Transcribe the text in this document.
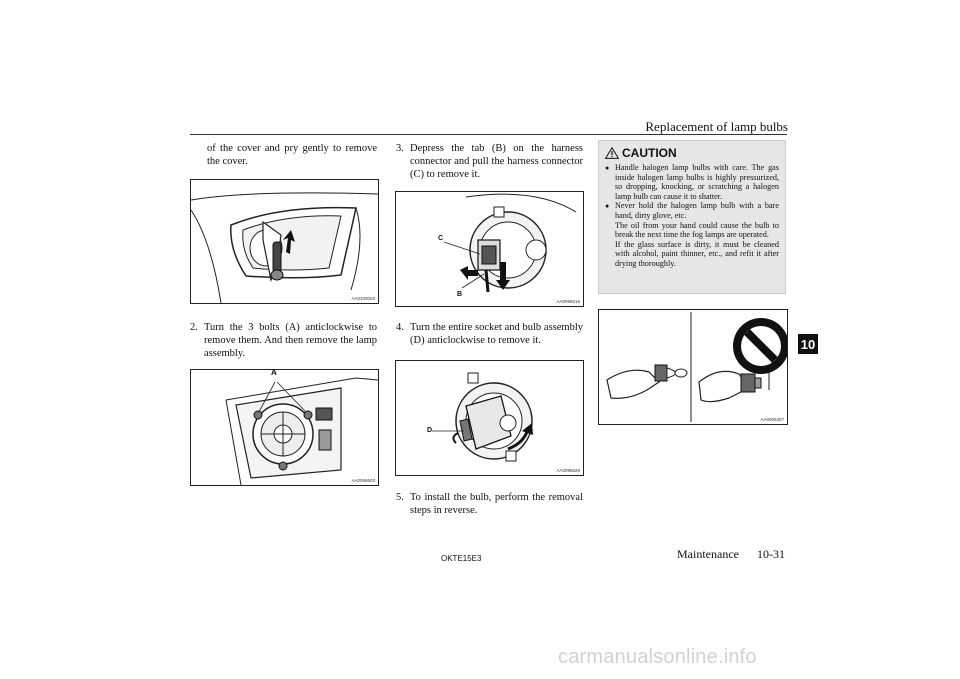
Replacement of lamp bulbs
of the cover and pry gently to remove the cover.
AA0100003
2. Turn the 3 bolts (A) anticlockwise to remove them. And then remove the lamp assembly.
A
AA0096603
3. Depress the tab (B) on the harness connector and pull the harness connector (C) to remove it.
C
B
AA0096616
4. Turn the entire socket and bulb assembly (D) anticlockwise to remove it.
D
AA0096629
5. To install the bulb, perform the removal steps in reverse.
CAUTION
● Handle halogen lamp bulbs with care. The gas inside halogen lamp bulbs is highly pressurized, so dropping, knocking, or scratching a halogen lamp bulb can cause it to shatter.
● Never hold the halogen lamp bulb with a bare hand, dirty glove, etc.
The oil from your hand could cause the bulb to break the next time the fog lamps are operated.
If the glass surface is dirty, it must be cleaned with alcohol, paint thinner, etc., and refit it after drying thoroughly.
AA0005407
10
OKTE15E3	Maintenance 10-31
carmanualsonline.info
